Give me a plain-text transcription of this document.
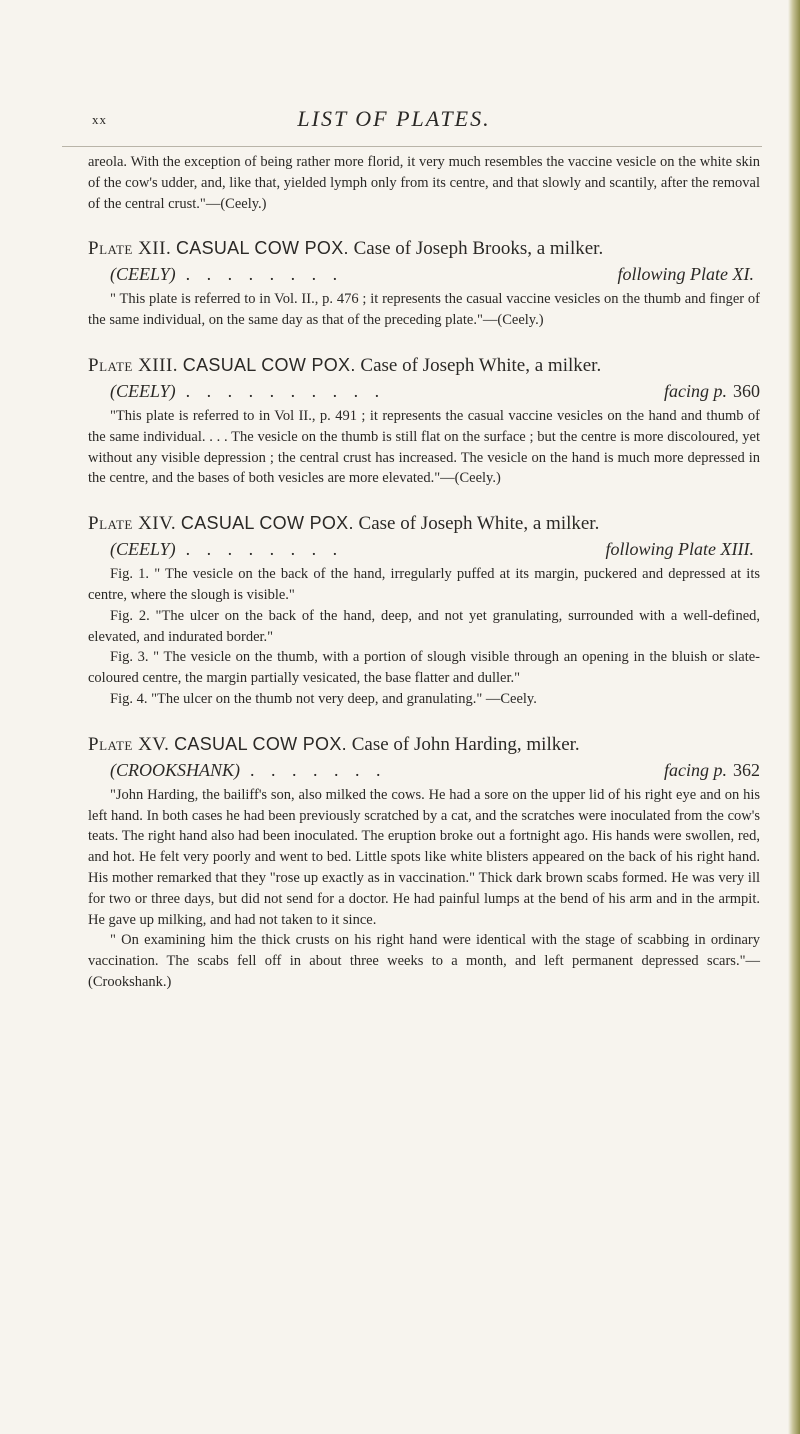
xx	LIST OF PLATES.

areola. With the exception of being rather more florid, it very much resembles the vaccine vesicle on the white skin of the cow's udder, and, like that, yielded lymph only from its centre, and that slowly and scantily, after the removal of the central crust."—(Ceely.)

Plate XII. CASUAL COW POX. Case of Joseph Brooks, a milker.
(CEELY) . . . . . . . .	following Plate XI.

" This plate is referred to in Vol. II., p. 476 ; it represents the casual vaccine vesicles on the thumb and finger of the same individual, on the same day as that of the preceding plate."—(Ceely.)

Plate XIII. CASUAL COW POX. Case of Joseph White, a milker.
(CEELY) . . . . . . . . . .	facing p. 360

"This plate is referred to in Vol II., p. 491 ; it represents the casual vaccine vesicles on the hand and thumb of the same individual. . . . The vesicle on the thumb is still flat on the surface ; but the centre is more discoloured, yet without any visible depression ; the central crust has increased. The vesicle on the hand is much more depressed in the centre, and the bases of both vesicles are more elevated."—(Ceely.)

Plate XIV. CASUAL COW POX. Case of Joseph White, a milker.
(CEELY) . . . . . . . .	following Plate XIII.

Fig. 1. " The vesicle on the back of the hand, irregularly puffed at its margin, puckered and depressed at its centre, where the slough is visible."

Fig. 2. "The ulcer on the back of the hand, deep, and not yet granulating, surrounded with a well-defined, elevated, and indurated border."

Fig. 3. " The vesicle on the thumb, with a portion of slough visible through an opening in the bluish or slate-coloured centre, the margin partially vesicated, the base flatter and duller."

Fig. 4. "The ulcer on the thumb not very deep, and granulating." —Ceely.

Plate XV. CASUAL COW POX. Case of John Harding, milker.
(CROOKSHANK) . . . . . . .	facing p. 362

"John Harding, the bailiff's son, also milked the cows. He had a sore on the upper lid of his right eye and on his left hand. In both cases he had been previously scratched by a cat, and the scratches were inoculated from the cow's teats. The right hand also had been inoculated. The eruption broke out a fortnight ago. His hands were swollen, red, and hot. He felt very poorly and went to bed. Little spots like white blisters appeared on the back of his right hand. His mother remarked that they "rose up exactly as in vaccination." Thick dark brown scabs formed. He was very ill for two or three days, but did not send for a doctor. He had painful lumps at the bend of his arm and in the armpit. He gave up milking, and had not taken to it since.

" On examining him the thick crusts on his right hand were identical with the stage of scabbing in ordinary vaccination. The scabs fell off in about three weeks to a month, and left permanent depressed scars."—(Crookshank.)
